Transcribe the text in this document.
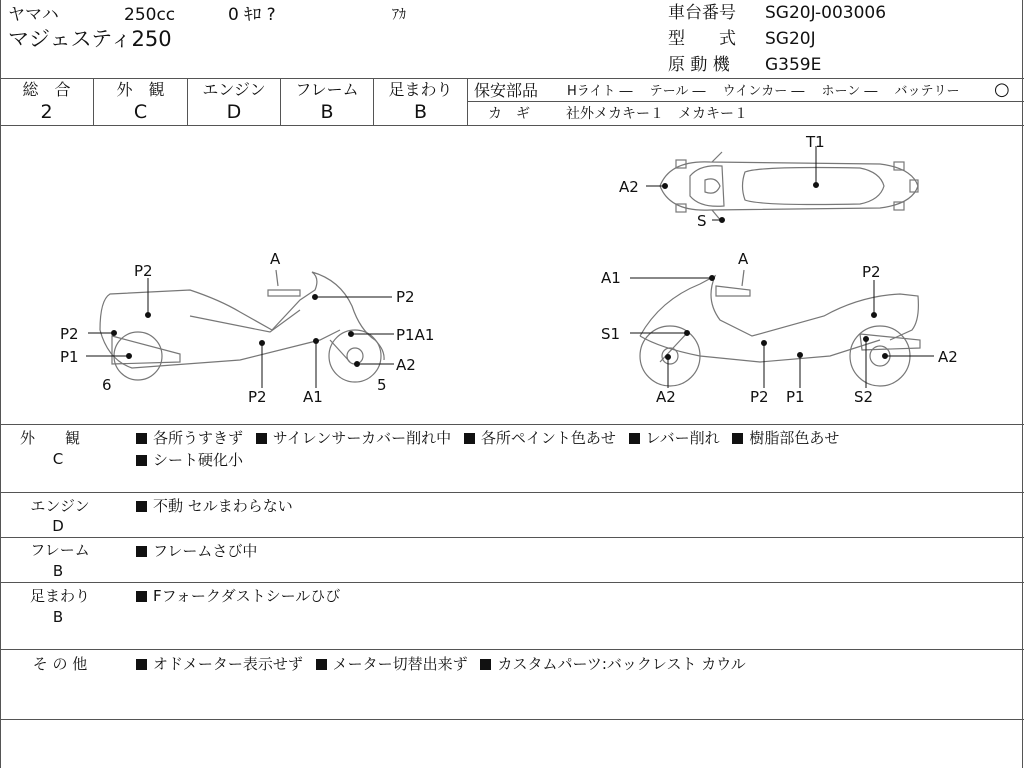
ヤマハ	250cc	0 ｷﾛ ?	ｱｶ
マジェスティ250
車台番号 SG20J-003006
型　　式 SG20J
原 動 機 G359E
総　合
2
外　観
C
エンジン
D
フレーム
B
足まわり
B
保安部品 Hライト ―　 テール ―　 ウインカー ―　 ホーン ―　 バッテリー ○
カ　ギ	社外メカキー１　メカキー１
T1
A2
S
A
P2
P2
P2
P1
6
P2 A1
5
P1A1
A2
A
A1	P2
S1
A2	P2 P1	S2
A2
外　　観
C
各所うすきず サイレンサーカバー削れ中 各所ペイント色あせ レバー削れ 樹脂部色あせ
シート硬化小
エンジン
D
不動 セルまわらない
フレーム
B
フレームさび中
足まわり
B
Fフォークダストシールひび
そ の 他	オドメーター表示せず メーター切替出来ず カスタムパーツ:バックレスト カウル
